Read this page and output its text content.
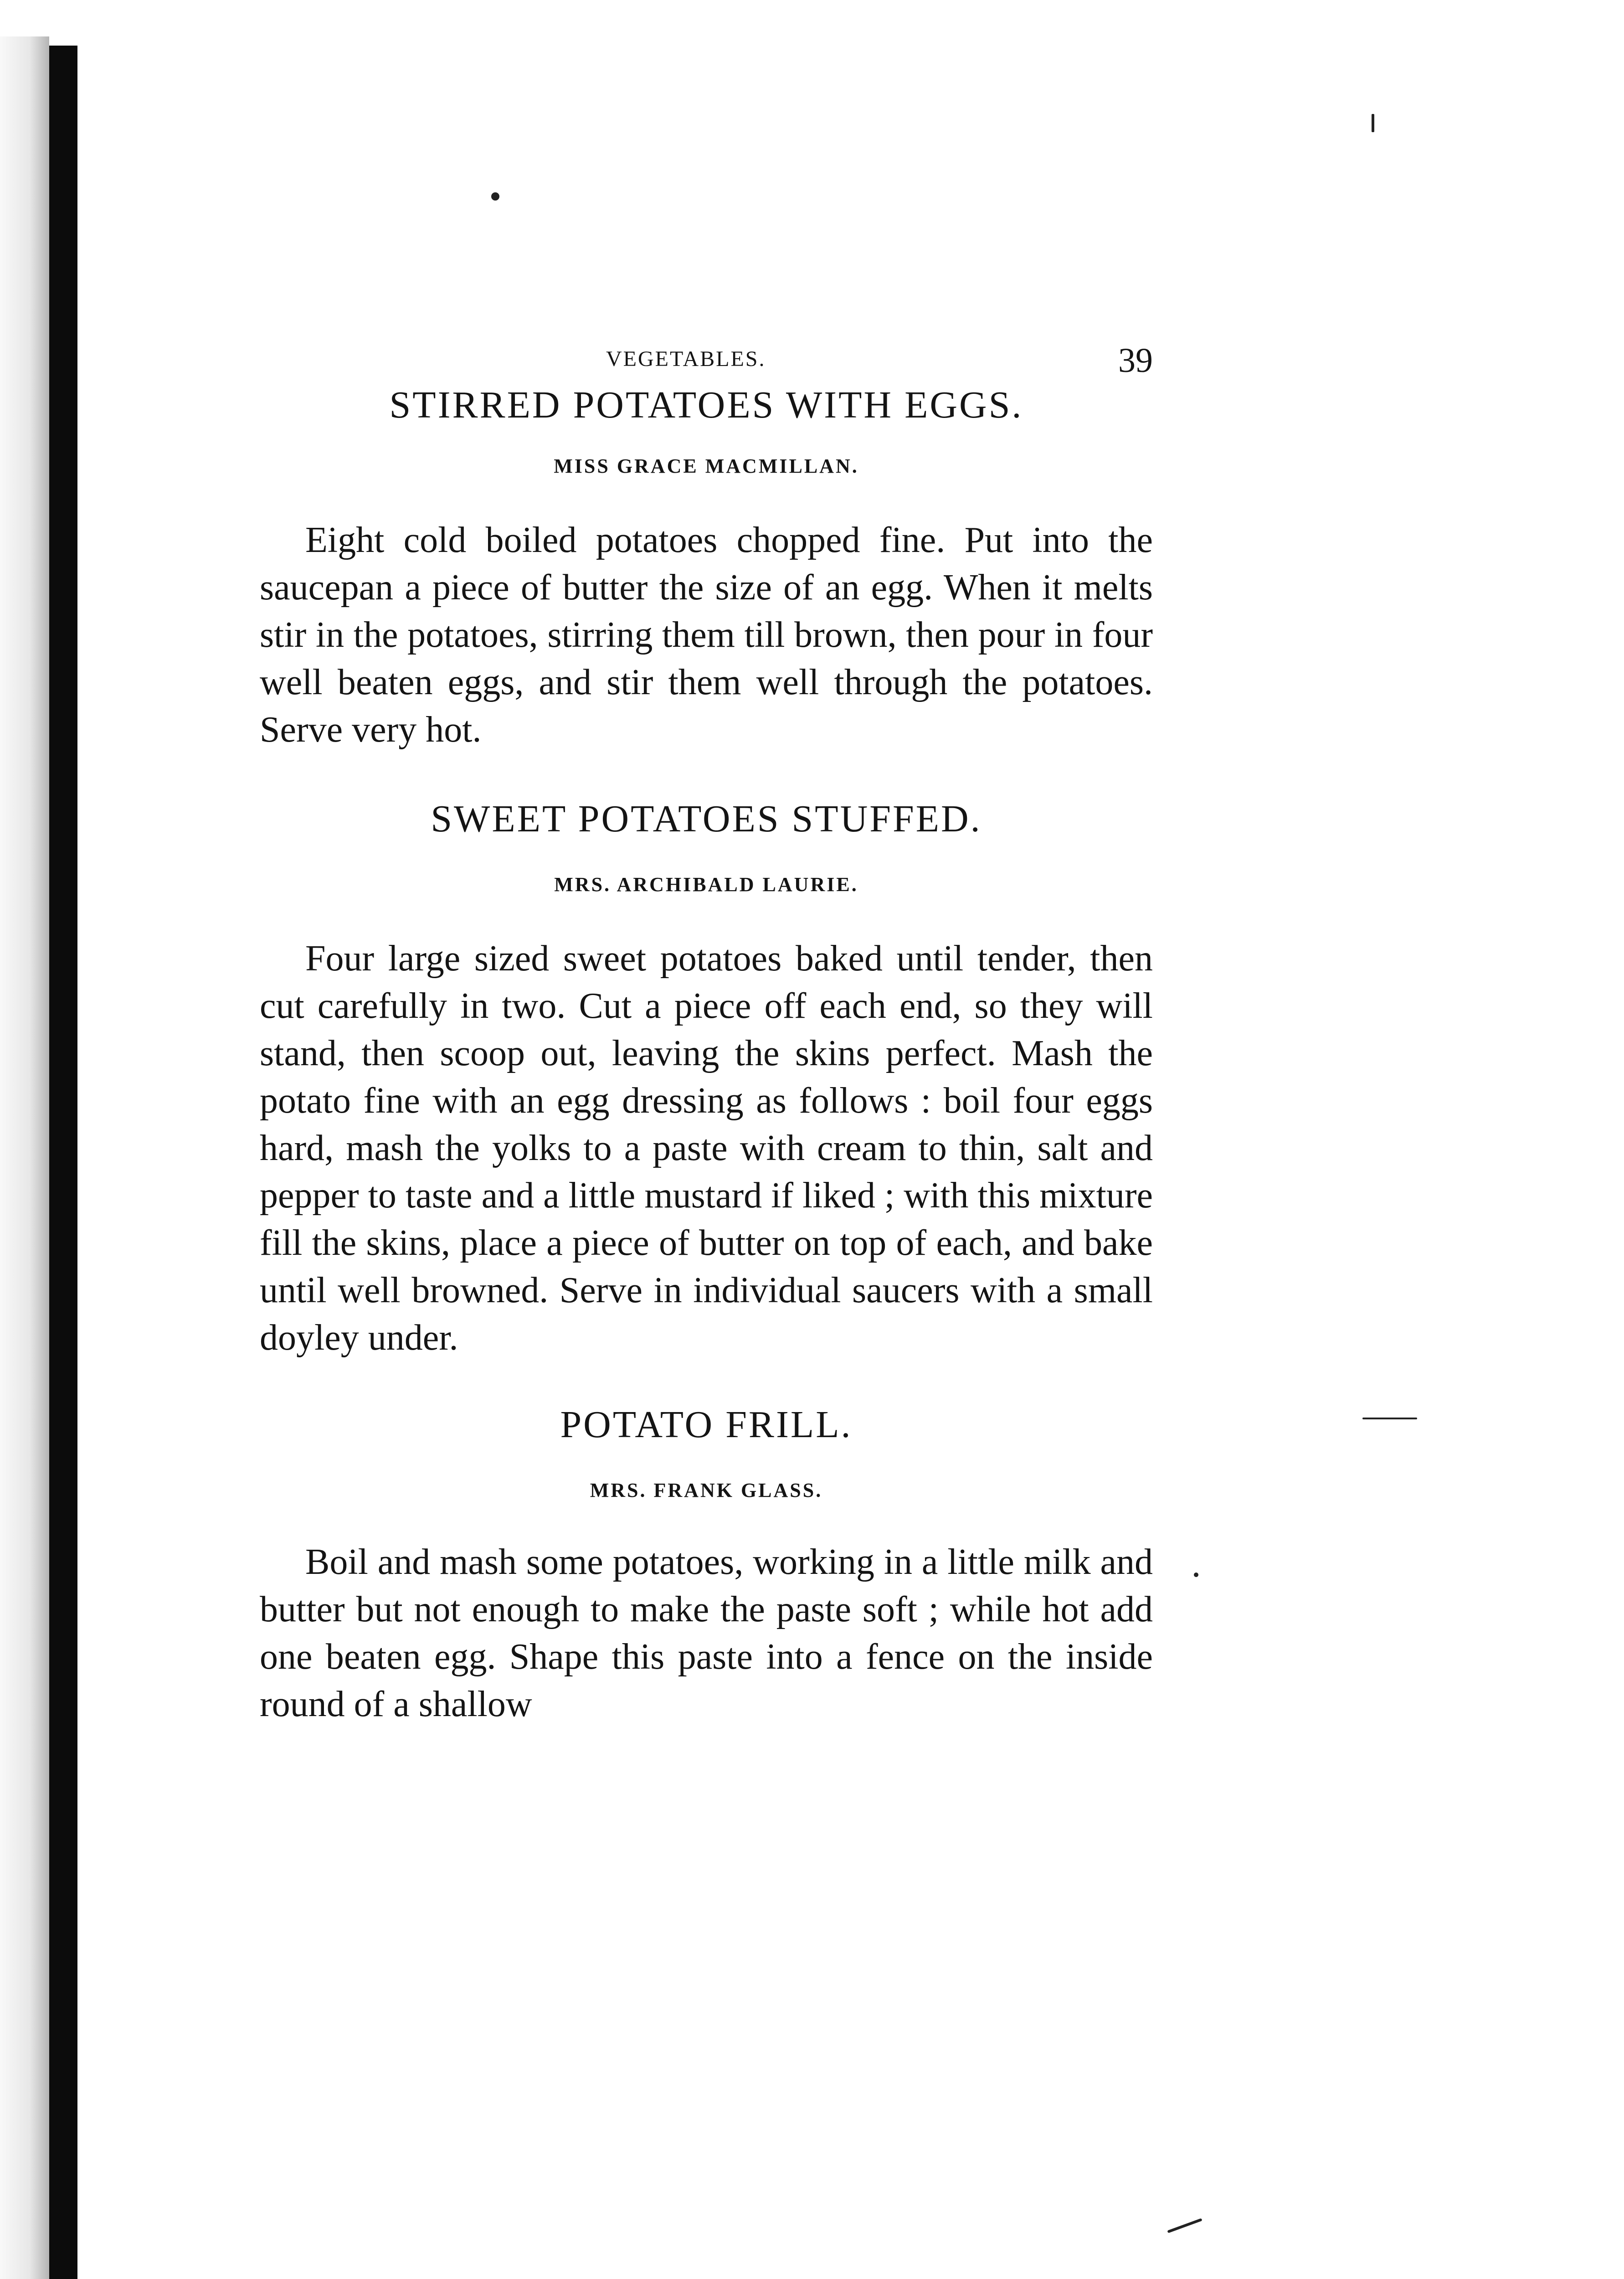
VEGETABLES.	39
STIRRED POTATOES WITH EGGS.

MISS GRACE MACMILLAN.

Eight cold boiled potatoes chopped fine. Put into the saucepan a piece of butter the size of an egg. When it melts stir in the potatoes, stirring them till brown, then pour in four well beaten eggs, and stir them well through the potatoes. Serve very hot.

SWEET POTATOES STUFFED.

MRS. ARCHIBALD LAURIE.

Four large sized sweet potatoes baked until tender, then cut carefully in two. Cut a piece off each end, so they will stand, then scoop out, leaving the skins perfect. Mash the potato fine with an egg dressing as follows : boil four eggs hard, mash the yolks to a paste with cream to thin, salt and pepper to taste and a little mustard if liked ; with this mixture fill the skins, place a piece of butter on top of each, and bake until well browned. Serve in individual saucers with a small doyley under.

POTATO FRILL.

MRS. FRANK GLASS.

Boil and mash some potatoes, working in a little milk and butter but not enough to make the paste soft ; while hot add one beaten egg. Shape this paste into a fence on the inside round of a shallow
